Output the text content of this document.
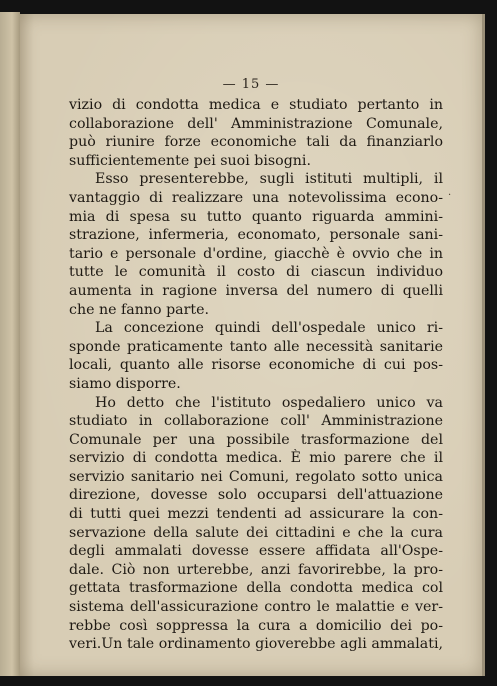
— 15 —
vizio di condotta medica e studiato pertanto in
collaborazione dell' Amministrazione Comunale,
può riunire forze economiche tali da finanziarlo
sufficientemente pei suoi bisogni.
Esso presenterebbe, sugli istituti multipli, il
vantaggio di realizzare una notevolissima econo-
mia di spesa su tutto quanto riguarda ammini-
strazione, infermeria, economato, personale sani-
tario e personale d'ordine, giacchè è ovvio che in
tutte le comunità il costo di ciascun individuo
aumenta in ragione inversa del numero di quelli
che ne fanno parte.
La concezione quindi dell'ospedale unico ri-
sponde praticamente tanto alle necessità sanitarie
locali, quanto alle risorse economiche di cui pos-
siamo disporre.
Ho detto che l'istituto ospedaliero unico va
studiato in collaborazione coll' Amministrazione
Comunale per una possibile trasformazione del
servizio di condotta medica. È mio parere che il
servizio sanitario nei Comuni, regolato sotto unica
direzione, dovesse solo occuparsi dell'attuazione
di tutti quei mezzi tendenti ad assicurare la con-
servazione della salute dei cittadini e che la cura
degli ammalati dovesse essere affidata all'Ospe-
dale. Ciò non urterebbe, anzi favorirebbe, la pro-
gettata trasformazione della condotta medica col
sistema dell'assicurazione contro le malattie e ver-
rebbe così soppressa la cura a domicilio dei po-
veri.Un tale ordinamento gioverebbe agli ammalati,
·
